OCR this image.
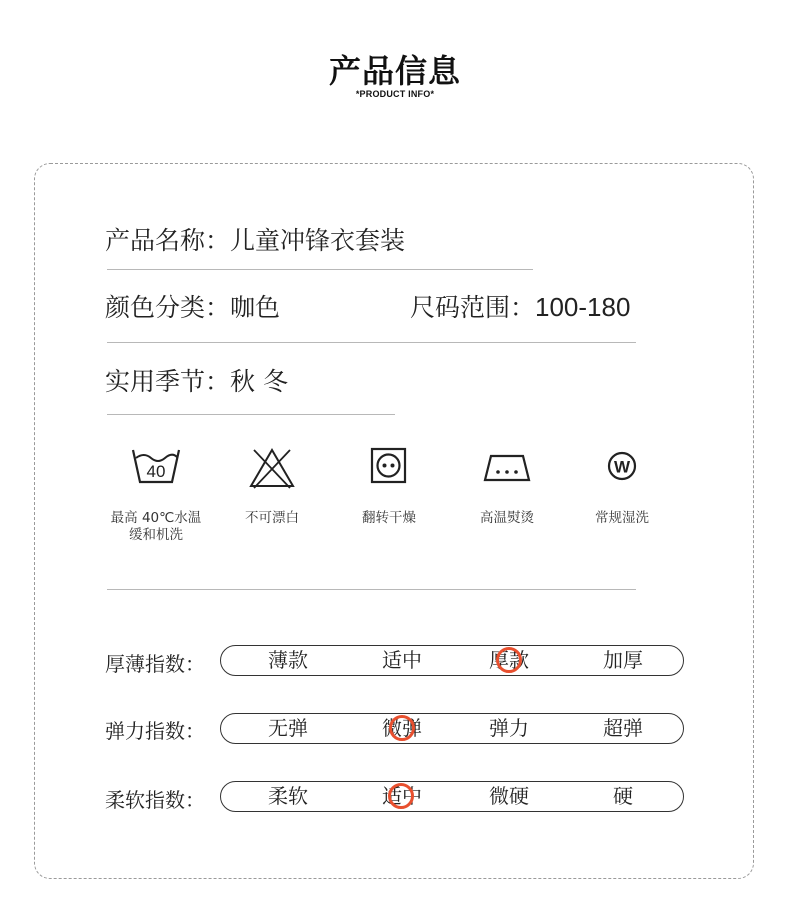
产品信息
*PRODUCT INFO*
产品名称：儿童冲锋衣套装
颜色分类：咖色	尺码范围：100-180
实用季节：秋 冬
40
最高 40℃水温
缓和机洗
不可漂白	翻转干燥	高温熨烫
W
常规湿洗
厚薄指数：	薄款	适中	厚款	加厚
弹力指数：	无弹	微弹	弹力	超弹
柔软指数：	柔软	适中	微硬	硬
